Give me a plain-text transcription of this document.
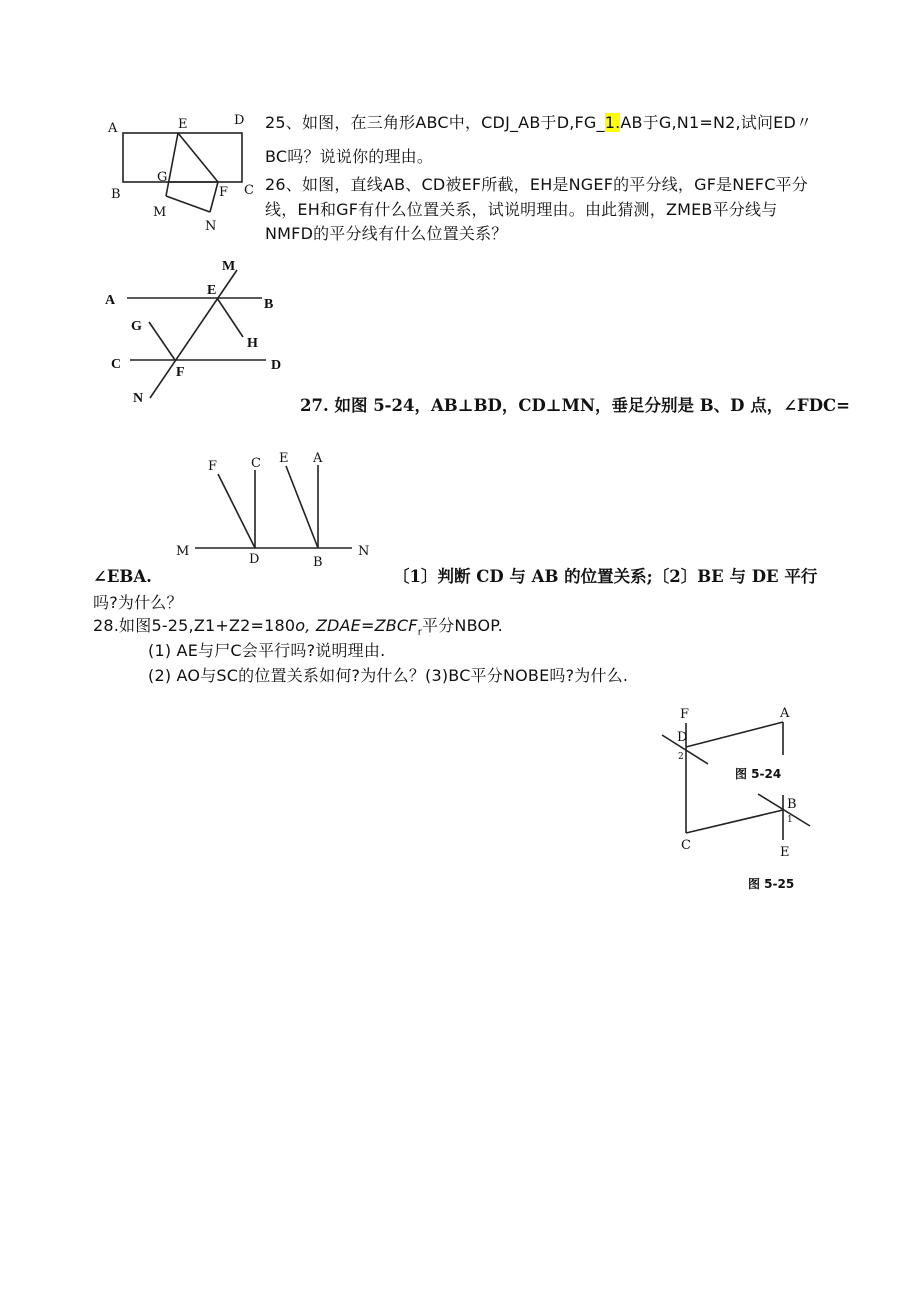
25、如图，在三角形ABC中，CDJ_AB于D,FG_1.AB于G,N1=N2,试问ED〃
BC吗？说说你的理由。
26、如图，直线AB、CD被EF所截，EH是NGEF的平分线，GF是NEFC平分
线，EH和GF有什么位置关系，试说明理由。由此猜测，ZMEB平分线与
NMFD的平分线有什么位置关系？
27. 如图 5-24，AB⊥BD，CD⊥MN，垂足分别是 B、D 点，∠FDC=
∠EBA.	〔1〕判断 CD 与 AB 的位置关系;〔2〕BE 与 DE 平行
吗?为什么？
28.如图5-25,Z1+Z2=180o, $ZDAE=ZBCF_r$平分NBOP.
(1) AE与尸C会平行吗?说明理由.
(2) AO与SC的位置关系如何?为什么？(3)BC平分NOBE吗?为什么.
A	E	D
G
F C
B
M
N
M
E
A	B
G
H
C
F	D
N
F	C E A
M
D	B
N
F	A
D
2
图 5-24
B
1
C	E
图 5-25
